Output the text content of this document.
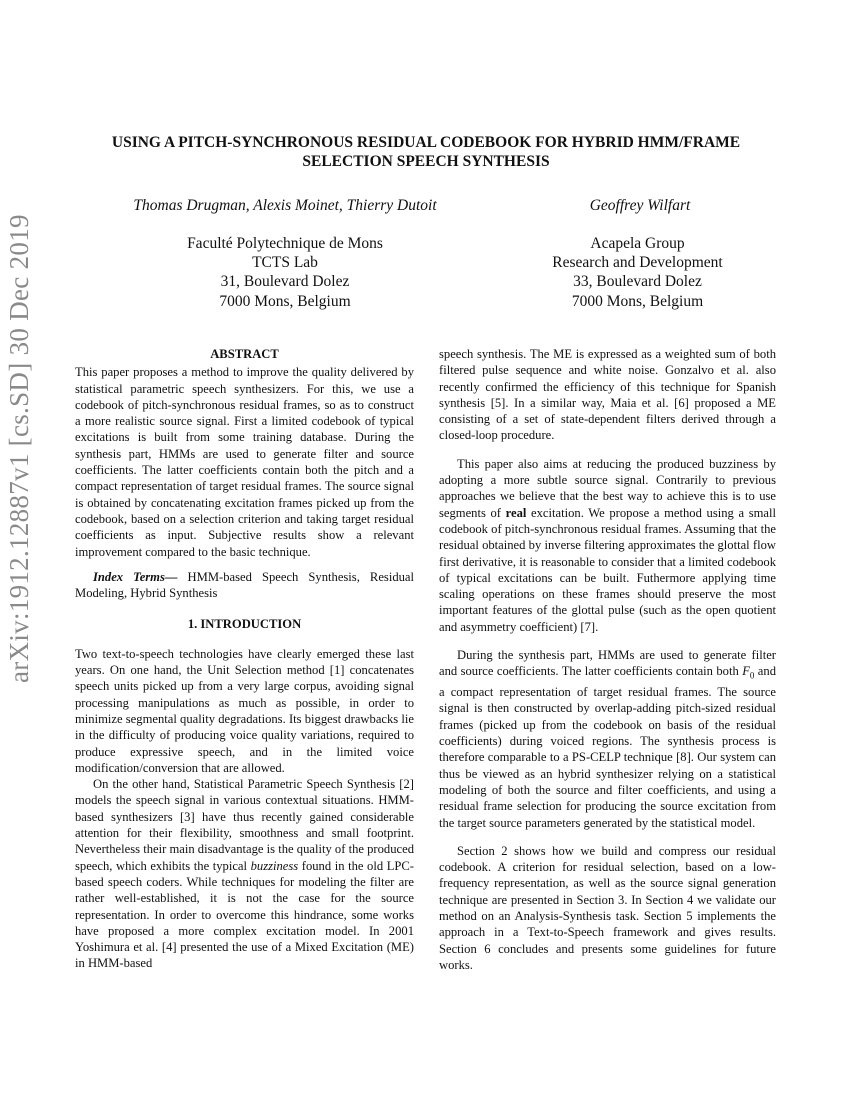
arXiv:1912.12887v1 [cs.SD] 30 Dec 2019
USING A PITCH-SYNCHRONOUS RESIDUAL CODEBOOK FOR HYBRID HMM/FRAME SELECTION SPEECH SYNTHESIS
Thomas Drugman, Alexis Moinet, Thierry Dutoit	Geoffrey Wilfart
Faculté Polytechnique de Mons
TCTS Lab
31, Boulevard Dolez
7000 Mons, Belgium
Acapela Group
Research and Development
33, Boulevard Dolez
7000 Mons, Belgium
ABSTRACT

This paper proposes a method to improve the quality delivered by statistical parametric speech synthesizers. For this, we use a codebook of pitch-synchronous residual frames, so as to construct a more realistic source signal. First a limited codebook of typical excitations is built from some training database. During the synthesis part, HMMs are used to generate filter and source coefficients. The latter coefficients contain both the pitch and a compact representation of target residual frames. The source signal is obtained by concatenating excitation frames picked up from the codebook, based on a selection criterion and taking target residual coefficients as input. Subjective results show a relevant improvement compared to the basic technique.

Index Terms— HMM-based Speech Synthesis, Residual Modeling, Hybrid Synthesis

1. INTRODUCTION

Two text-to-speech technologies have clearly emerged these last years. On one hand, the Unit Selection method [1] concatenates speech units picked up from a very large corpus, avoiding signal processing manipulations as much as possible, in order to minimize segmental quality degradations. Its biggest drawbacks lie in the difficulty of producing voice quality variations, required to produce expressive speech, and in the limited voice modification/conversion that are allowed.

On the other hand, Statistical Parametric Speech Synthesis [2] models the speech signal in various contextual situations. HMM-based synthesizers [3] have thus recently gained considerable attention for their flexibility, smoothness and small footprint. Nevertheless their main disadvantage is the quality of the produced speech, which exhibits the typical buzziness found in the old LPC-based speech coders. While techniques for modeling the filter are rather well-established, it is not the case for the source representation. In order to overcome this hindrance, some works have proposed a more complex excitation model. In 2001 Yoshimura et al. [4] presented the use of a Mixed Excitation (ME) in HMM-based

speech synthesis. The ME is expressed as a weighted sum of both filtered pulse sequence and white noise. Gonzalvo et al. also recently confirmed the efficiency of this technique for Spanish synthesis [5]. In a similar way, Maia et al. [6] proposed a ME consisting of a set of state-dependent filters derived through a closed-loop procedure.

This paper also aims at reducing the produced buzziness by adopting a more subtle source signal. Contrarily to previous approaches we believe that the best way to achieve this is to use segments of real excitation. We propose a method using a small codebook of pitch-synchronous residual frames. Assuming that the residual obtained by inverse filtering approximates the glottal flow first derivative, it is reasonable to consider that a limited codebook of typical excitations can be built. Futhermore applying time scaling operations on these frames should preserve the most important features of the glottal pulse (such as the open quotient and asymmetry coefficient) [7].

During the synthesis part, HMMs are used to generate filter and source coefficients. The latter coefficients contain both $F_0$ and a compact representation of target residual frames. The source signal is then constructed by overlap-adding pitch-sized residual frames (picked up from the codebook on basis of the residual coefficients) during voiced regions. The synthesis process is therefore comparable to a PS-CELP technique [8]. Our system can thus be viewed as an hybrid synthesizer relying on a statistical modeling of both the source and filter coefficients, and using a residual frame selection for producing the source excitation from the target source parameters generated by the statistical model.

Section 2 shows how we build and compress our residual codebook. A criterion for residual selection, based on a low-frequency representation, as well as the source signal generation technique are presented in Section 3. In Section 4 we validate our method on an Analysis-Synthesis task. Section 5 implements the approach in a Text-to-Speech framework and gives results. Section 6 concludes and presents some guidelines for future works.
